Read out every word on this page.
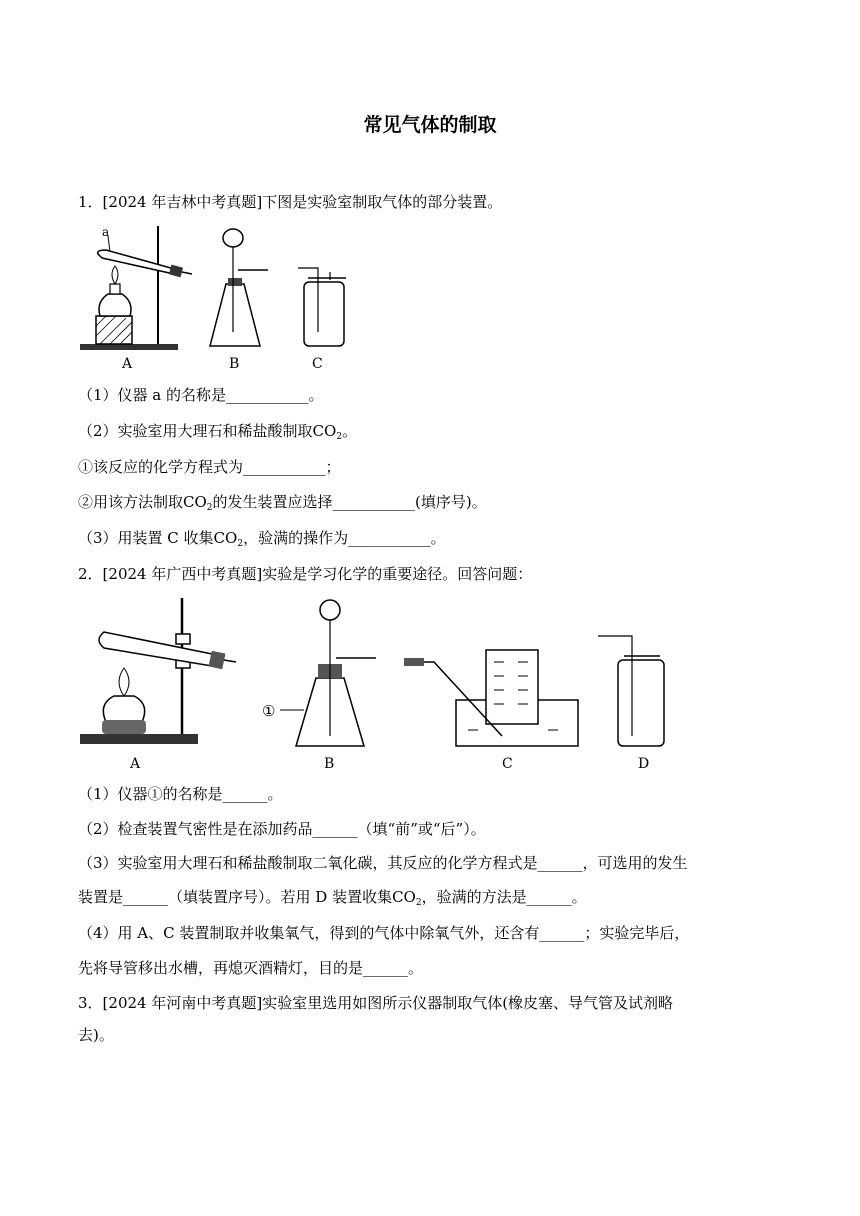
常见气体的制取
1．[2024 年吉林中考真题]下图是实验室制取气体的部分装置。
a
A	B	C
（1）仪器 a 的名称是___________。
（2）实验室用大理石和稀盐酸制取$CO_2$。
①该反应的化学方程式为___________；
②用该方法制取$CO_2$的发生装置应选择___________(填序号)。
（3）用装置 C 收集$CO_2$，验满的操作为___________。
2．[2024 年广西中考真题]实验是学习化学的重要途径。回答问题：
①
A	B	C	D
（1）仪器①的名称是______。
（2）检查装置气密性是在添加药品______（填“前”或“后”）。
（3）实验室用大理石和稀盐酸制取二氧化碳，其反应的化学方程式是______，可选用的发生
装置是______（填装置序号）。若用 D 装置收集$CO_2$，验满的方法是______。
（4）用 A、C 装置制取并收集氧气，得到的气体中除氧气外，还含有______；实验完毕后，
先将导管移出水槽，再熄灭酒精灯，目的是______。
3．[2024 年河南中考真题]实验室里选用如图所示仪器制取气体(橡皮塞、导气管及试剂略
去)。
